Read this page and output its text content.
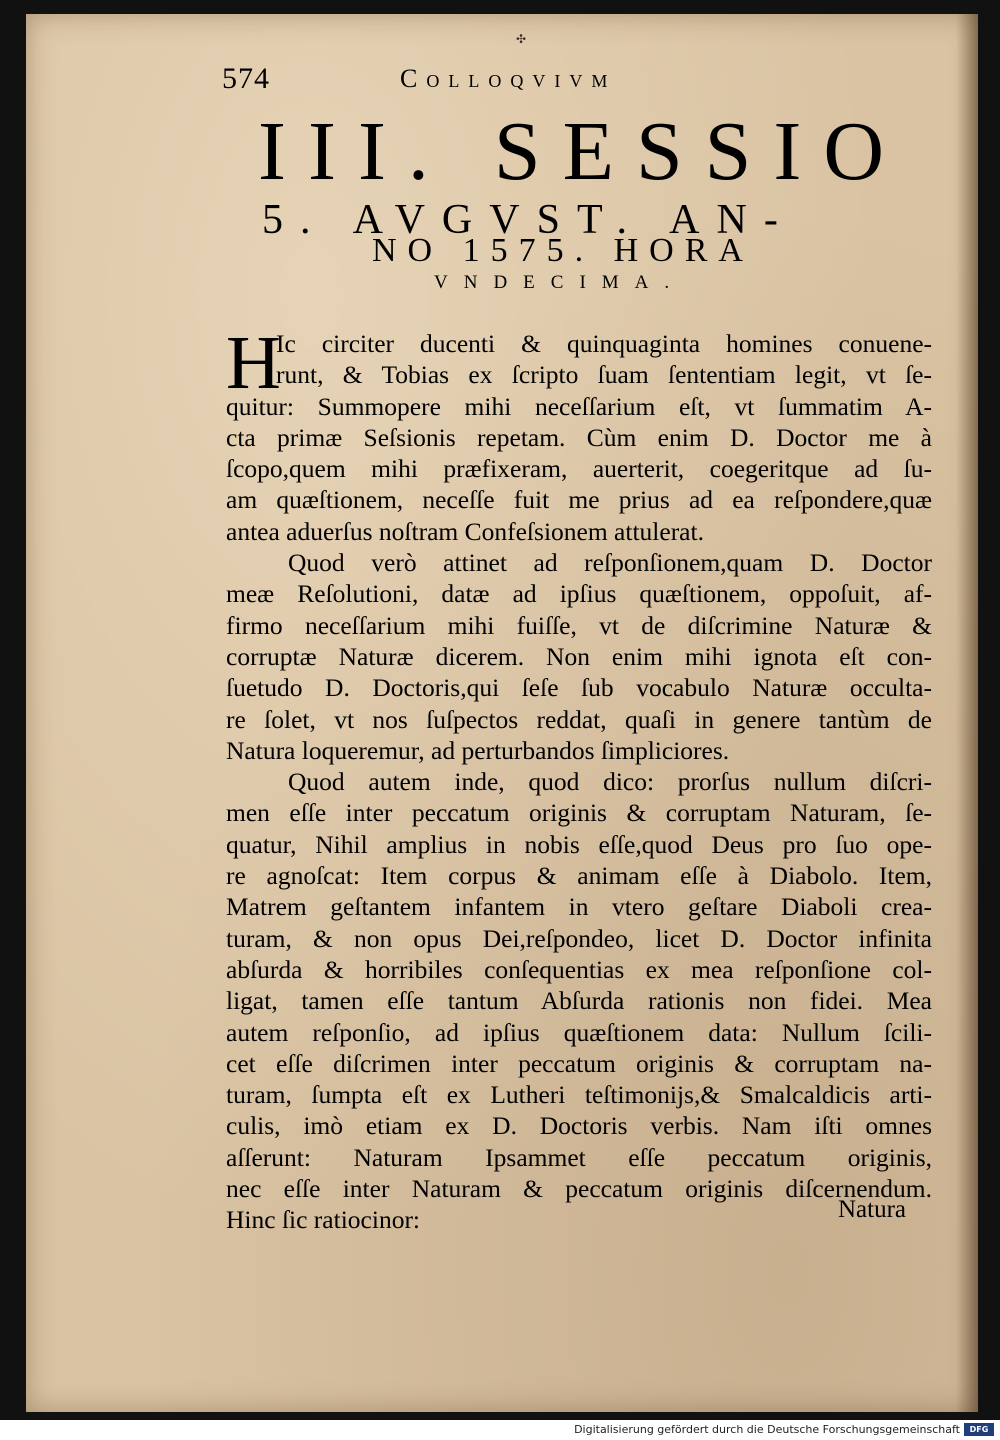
✣
574	Colloqvivm
III. SESSIO
5. AVGVST. AN-
NO 1575. HORA
VNDECIMA.
H
Ic circiter ducenti & quinquaginta homines conuene-
runt, & Tobias ex ſcripto ſuam ſententiam legit, vt ſe-
quitur: Summopere mihi neceſſarium eſt, vt ſummatim A-
cta primæ Seſsionis repetam. Cùm enim D. Doctor me à
ſcopo,quem mihi præfixeram, auerterit, coegeritque ad ſu-
am quæſtionem, neceſſe fuit me prius ad ea reſpondere,quæ
antea aduerſus noſtram Confeſsionem attulerat.
Quod verò attinet ad reſponſionem,quam D. Doctor
meæ Reſolutioni, datæ ad ipſius quæſtionem, oppoſuit, af-
firmo neceſſarium mihi fuiſſe, vt de diſcrimine Naturæ &
corruptæ Naturæ dicerem. Non enim mihi ignota eſt con-
ſuetudo D. Doctoris,qui ſeſe ſub vocabulo Naturæ occulta-
re ſolet, vt nos ſuſpectos reddat, quaſi in genere tantùm de
Natura loqueremur, ad perturbandos ſimpliciores.
Quod autem inde, quod dico: prorſus nullum diſcri-
men eſſe inter peccatum originis & corruptam Naturam, ſe-
quatur, Nihil amplius in nobis eſſe,quod Deus pro ſuo ope-
re agnoſcat: Item corpus & animam eſſe à Diabolo. Item,
Matrem geſtantem infantem in vtero geſtare Diaboli crea-
turam, & non opus Dei,reſpondeo, licet D. Doctor infinita
abſurda & horribiles conſequentias ex mea reſponſione col-
ligat, tamen eſſe tantum Abſurda rationis non fidei. Mea
autem reſponſio, ad ipſius quæſtionem data: Nullum ſcili-
cet eſſe diſcrimen inter peccatum originis & corruptam na-
turam, ſumpta eſt ex Lutheri teſtimonijs,& Smalcaldicis arti-
culis, imò etiam ex D. Doctoris verbis. Nam iſti omnes
aſſerunt: Naturam Ipsammet eſſe peccatum originis,
nec eſſe inter Naturam & peccatum originis diſcernendum.
Hinc ſic ratiocinor:	Natura
Digitalisierung gefördert durch die Deutsche Forschungsgemeinschaft	DFG
